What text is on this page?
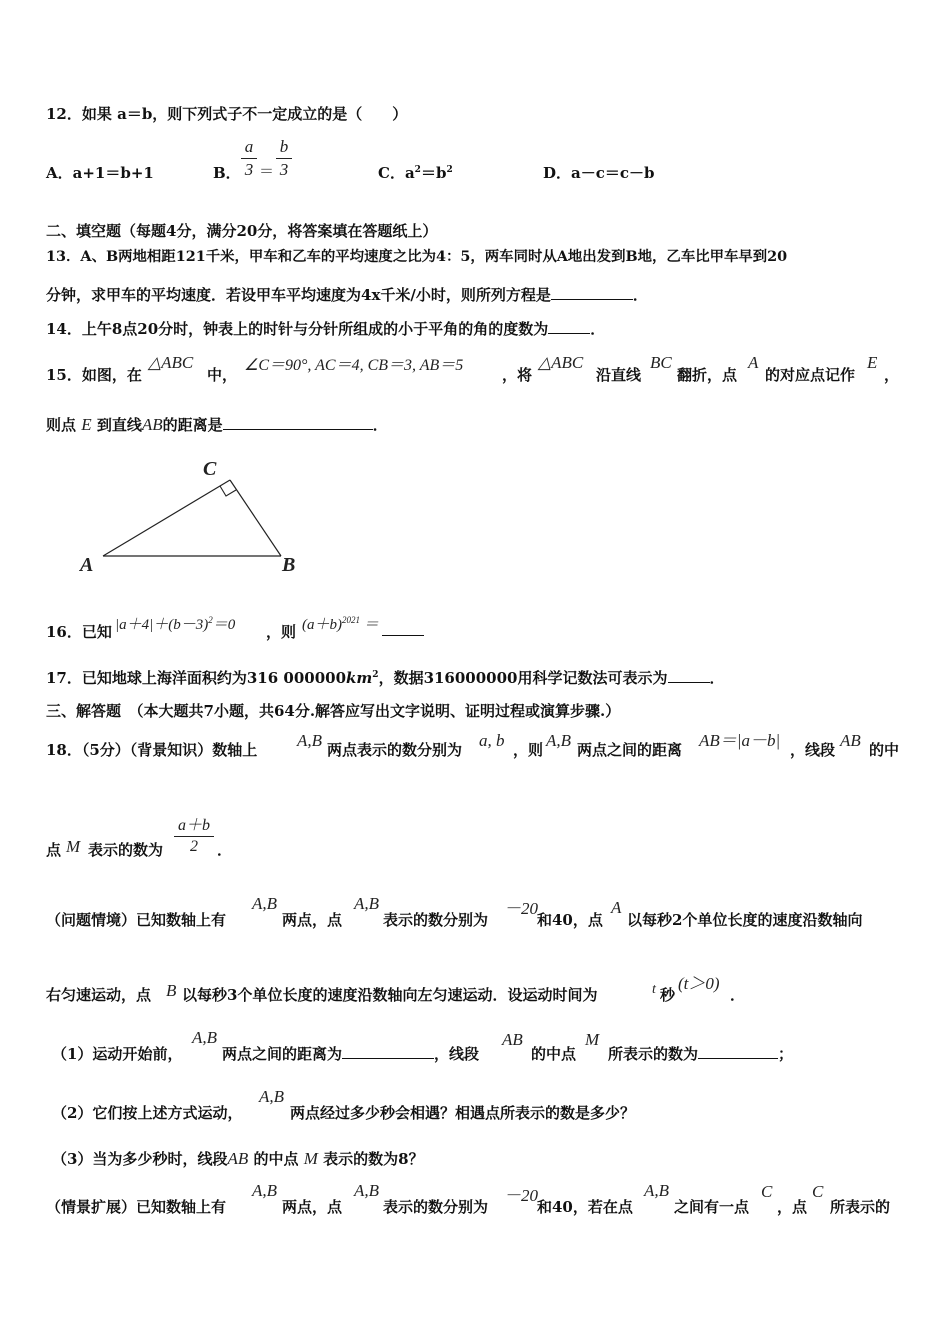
12．如果 a＝b，则下列式子不一定成立的是（　　）
A．a+1＝b+1	B．
a
3 ＝
b
3	C．$a^2=b^2$	D．a－c＝c－b
二、填空题（每题4分，满分20分，将答案填在答题纸上）
13．A、B两地相距121千米，甲车和乙车的平均速度之比为4：5，两车同时从A地出发到B地，乙车比甲车早到20
分钟，求甲车的平均速度．若设甲车平均速度为4x千米/小时，则所列方程是	．
14．上午8点20分时，钟表上的时针与分针所组成的小于平角的角的度数为	．
15．如图，在
△ABC
中，
∠C＝90°, AC＝4, CB＝3, AB＝5
，将
△ABC
沿直线
BC
翻折，点
A
的对应点记作
E
，
则点 E 到直线AB的距离是	．
C
A	B
16．已知 $|a+4|+(b-3)^2=0$ ，则 $(a+b)^{2021}$ ＝
17．已知地球上海洋面积约为316 $000000km^2$，数据316000000用科学记数法可表示为	．
三、解答题　（本大题共7小题，共64分.解答应写出文字说明、证明过程或演算步骤.）
18．（5分）（背景知识）数轴上 A,B 两点表示的数分别为 a, b ，则 A,B 两点之间的距离 AB＝|a－b| ，线段 AB 的中
点 M 表示的数为
a＋b
2	．
（问题情境）已知数轴上有
A,B
两点，点
A,B
表示的数分别为
－20
和40，点
A
以每秒2个单位长度的速度沿数轴向
右匀速运动，点 B 以每秒3个单位长度的速度沿数轴向左匀速运动．设运动时间为	t 秒
(t＞0)
．
（1）运动开始前，
A,B
两点之间的距离为	，线段
AB
的中点
M
所表示的数为	；
（2）它们按上述方式运动，
A,B
两点经过多少秒会相遇？相遇点所表示的数是多少？
（3）当为多少秒时，线段AB 的中点 M 表示的数为8？
（情景扩展）已知数轴上有
A,B
两点，点
A,B
表示的数分别为
－20
和40，若在点
A,B
之间有一点
C
，点
C
所表示的
